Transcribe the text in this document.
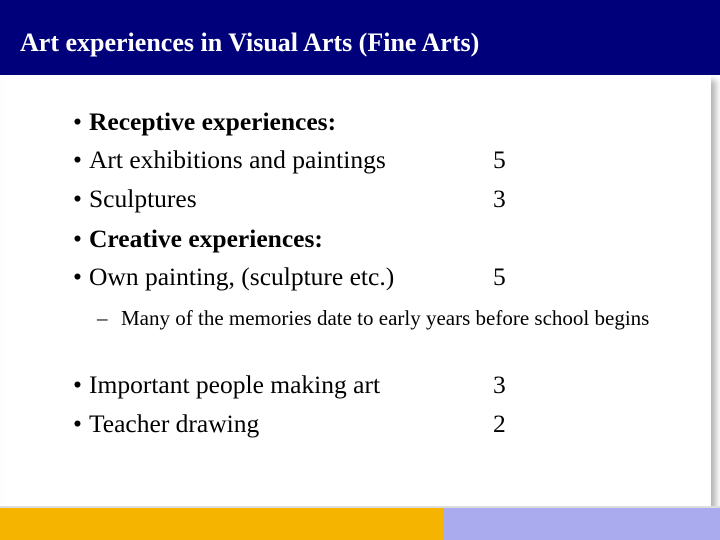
Art experiences in Visual Arts (Fine Arts)
• Receptive experiences:
• Art exhibitions and paintings	5
• Sculptures	3
• Creative experiences:
• Own painting, (sculpture etc.)	5
• Important people making art	3
• Teacher drawing	2
– Many of the memories date to early years before school begins
